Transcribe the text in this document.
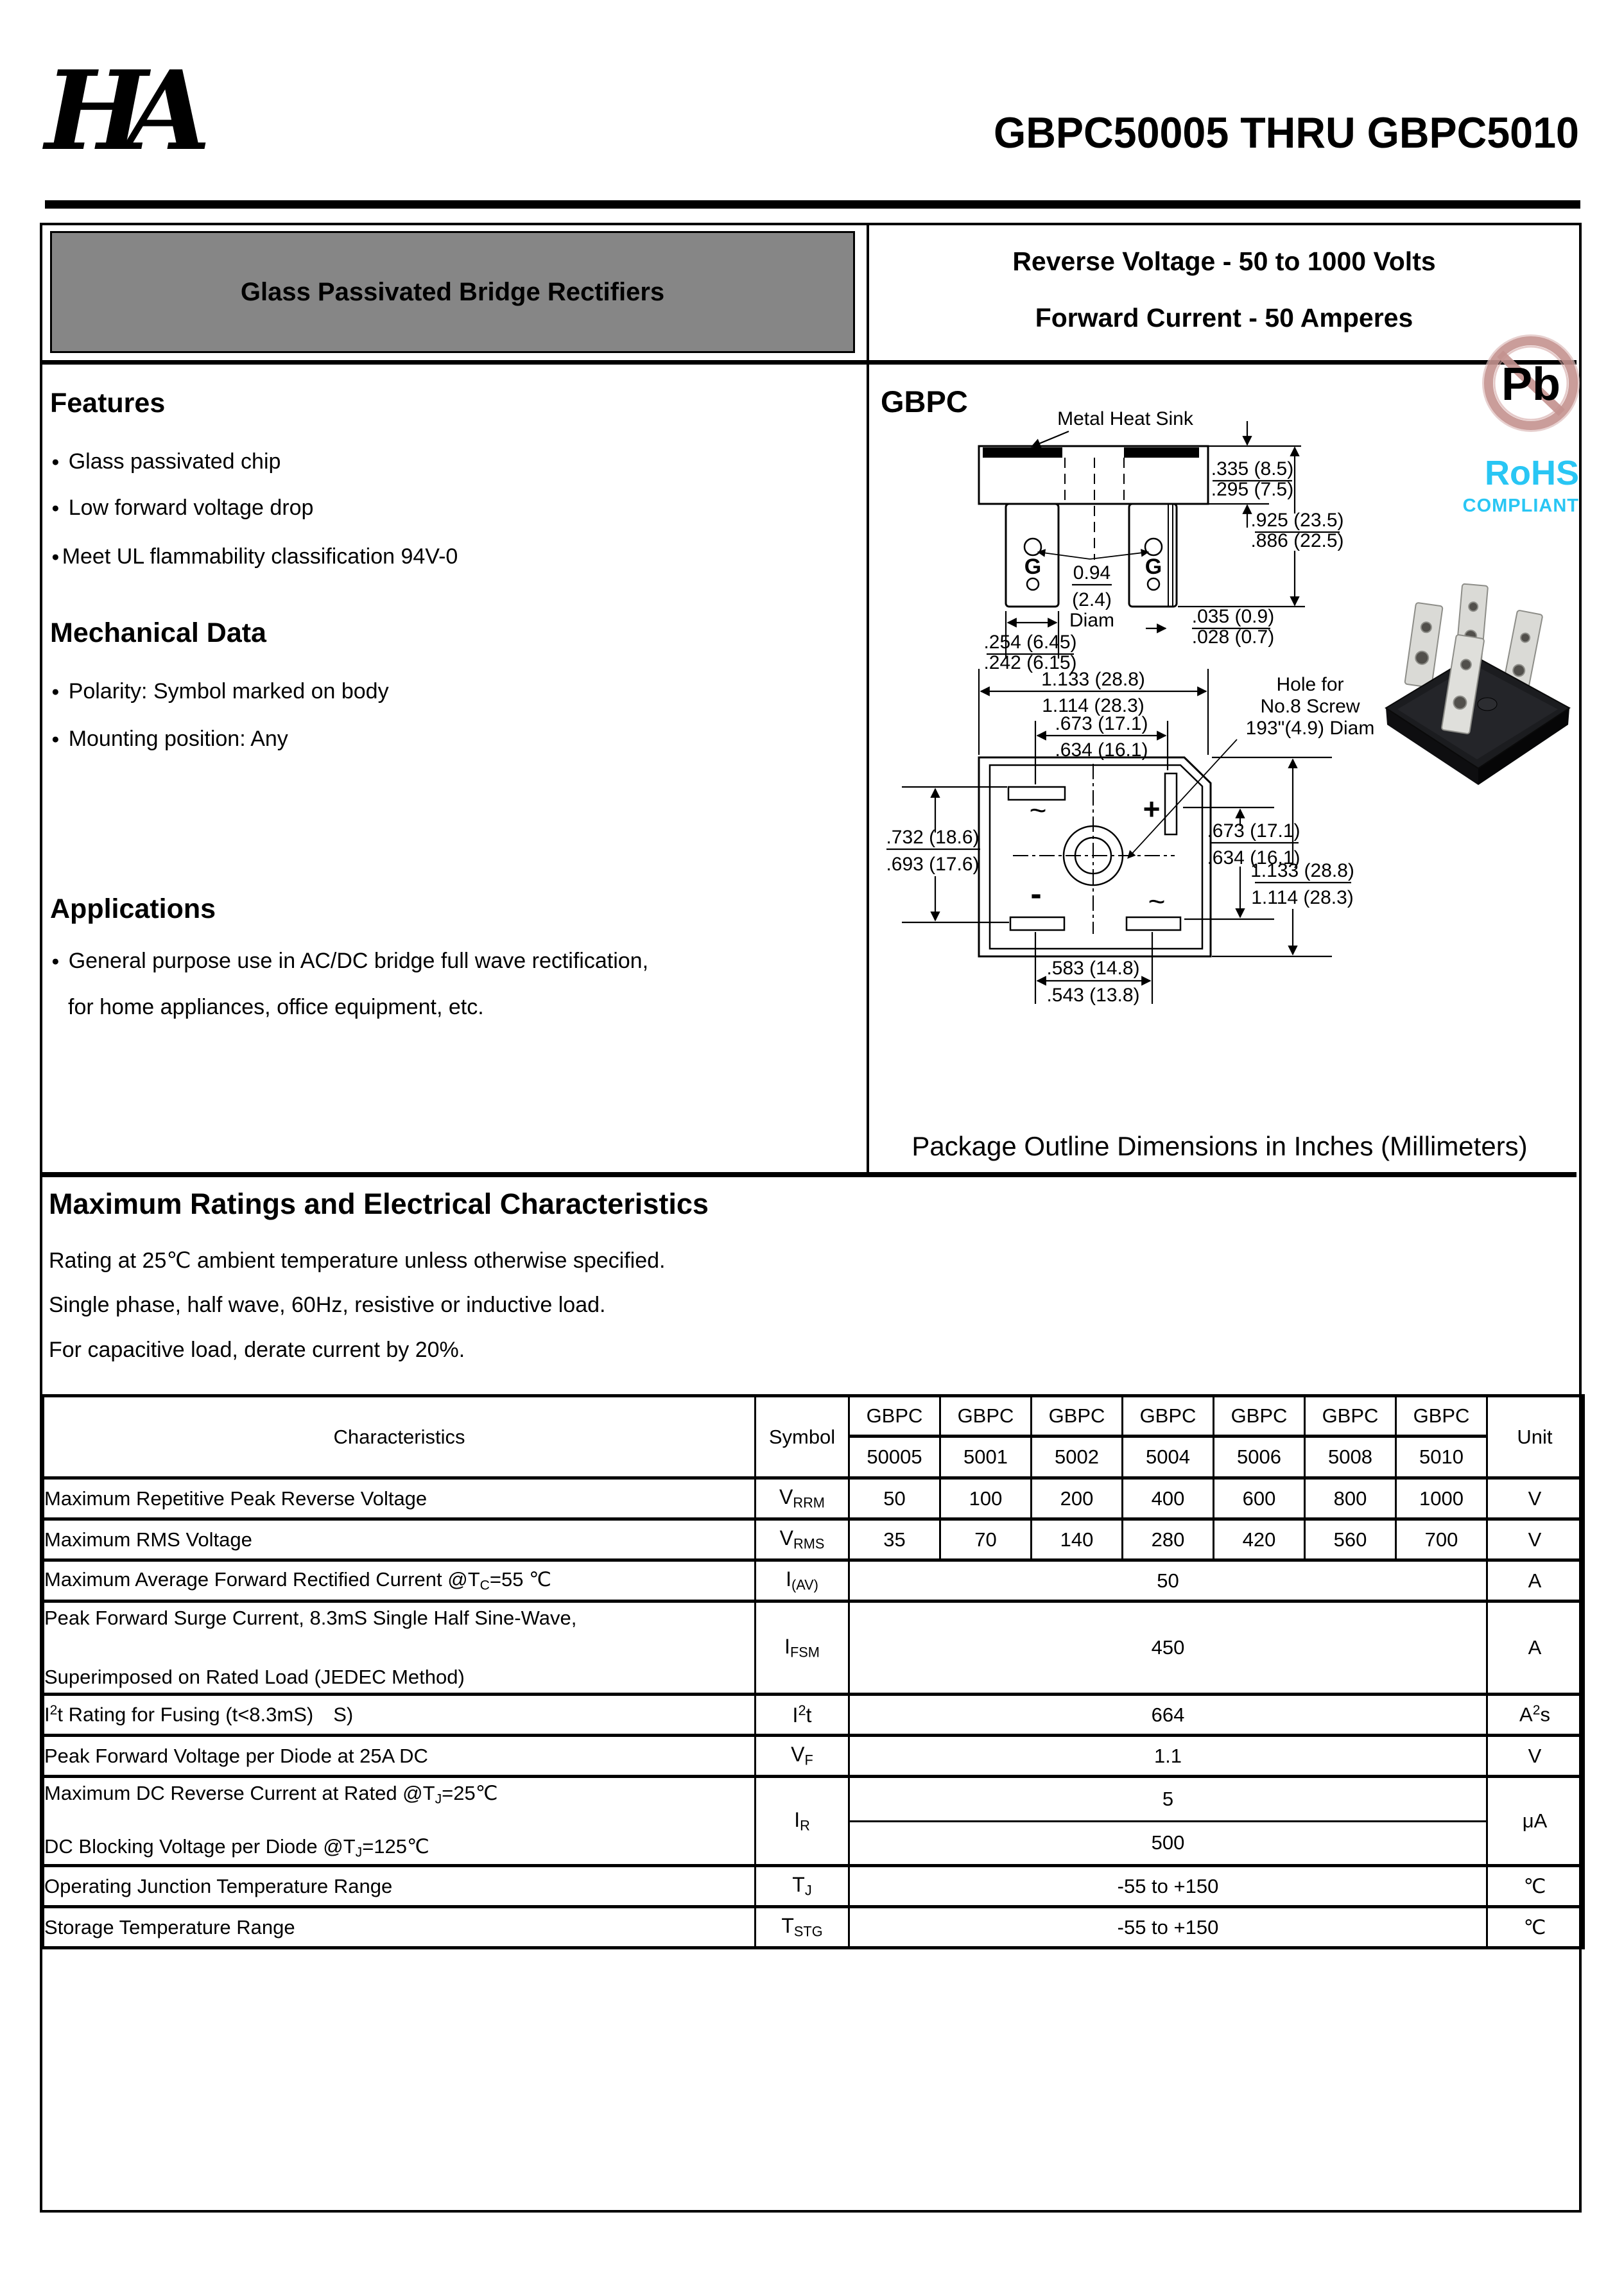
HA	GBPC50005 THRU GBPC5010
Glass Passivated Bridge Rectifiers
Reverse Voltage - 50 to 1000 Volts
Forward Current - 50 Amperes
Features
●
Glass passivated chip
●
Low forward voltage drop
●
Meet UL flammability classification 94V-0
Mechanical Data
●
Polarity: Symbol marked on body
●
Mounting position: Any
Applications
●
General purpose use in AC/DC bridge full wave rectification,
for home appliances, office equipment, etc.
GBPC	Pb
RoHS
COMPLIANT
Metal Heat Sink
.335 (8.5)
.295 (7.5)
.925 (23.5)
.886 (22.5)
0.94
(2.4)
Diam	.035 (0.9)
.028 (0.7)
.254 (6.45)
.242 (6.15)
1.133 (28.8)
1.114 (28.3)
.673 (17.1)
.634 (16.1)
Hole for
No.8 Screw
193"(4.9) Diam
.732 (18.6)
.693 (17.6)
.673 (17.1)
.634 (16.1)
1.133 (28.8)
1.114 (28.3)
.583 (14.8)
.543 (13.8)
G	G
~	+
-	~
Package Outline Dimensions in Inches (Millimeters)
Maximum Ratings and Electrical Characteristics
Rating at 25℃ ambient temperature unless otherwise specified.
Single phase, half wave, 60Hz, resistive or inductive load.
For capacitive load, derate current by 20%.
Characteristics	Symbol	GBPC	GBPC	GBPC	GBPC	GBPC	GBPC	GBPC	Unit
		50005	5001	5002	5004	5006	5008	5010	
Maximum Repetitive Peak Reverse Voltage	$V_{RRM}$	50	100	200	400	600	800	1000	V
Maximum RMS Voltage	$V_{RMS}$	35	70	140	280	420	560	700	V
Maximum Average Forward Rectified Current $@T_C=55$ ℃	$I_{(AV)}$	50							A

Peak Forward Surge Current, 8.3mS Single Half Sine-Wave,
Superimposed on Rated Load (JEDEC Method)	$I_{FSM}$	450							A
$I^2t$ Rating for Fusing (t<8.3mS) S)	$I^2t$	664							$A^2s$
Peak Forward Voltage per Diode at 25A DC	$V_F$	1.1							V

Maximum DC Reverse Current at Rated $@T_J=25℃$
DC Blocking Voltage per Diode $@T_J=125℃$	$I_R$	5							μA
		500							
Operating Junction Temperature Range	$T_J$	-55 to +150							℃
Storage Temperature Range	$T_{STG}$	-55 to +150							℃
